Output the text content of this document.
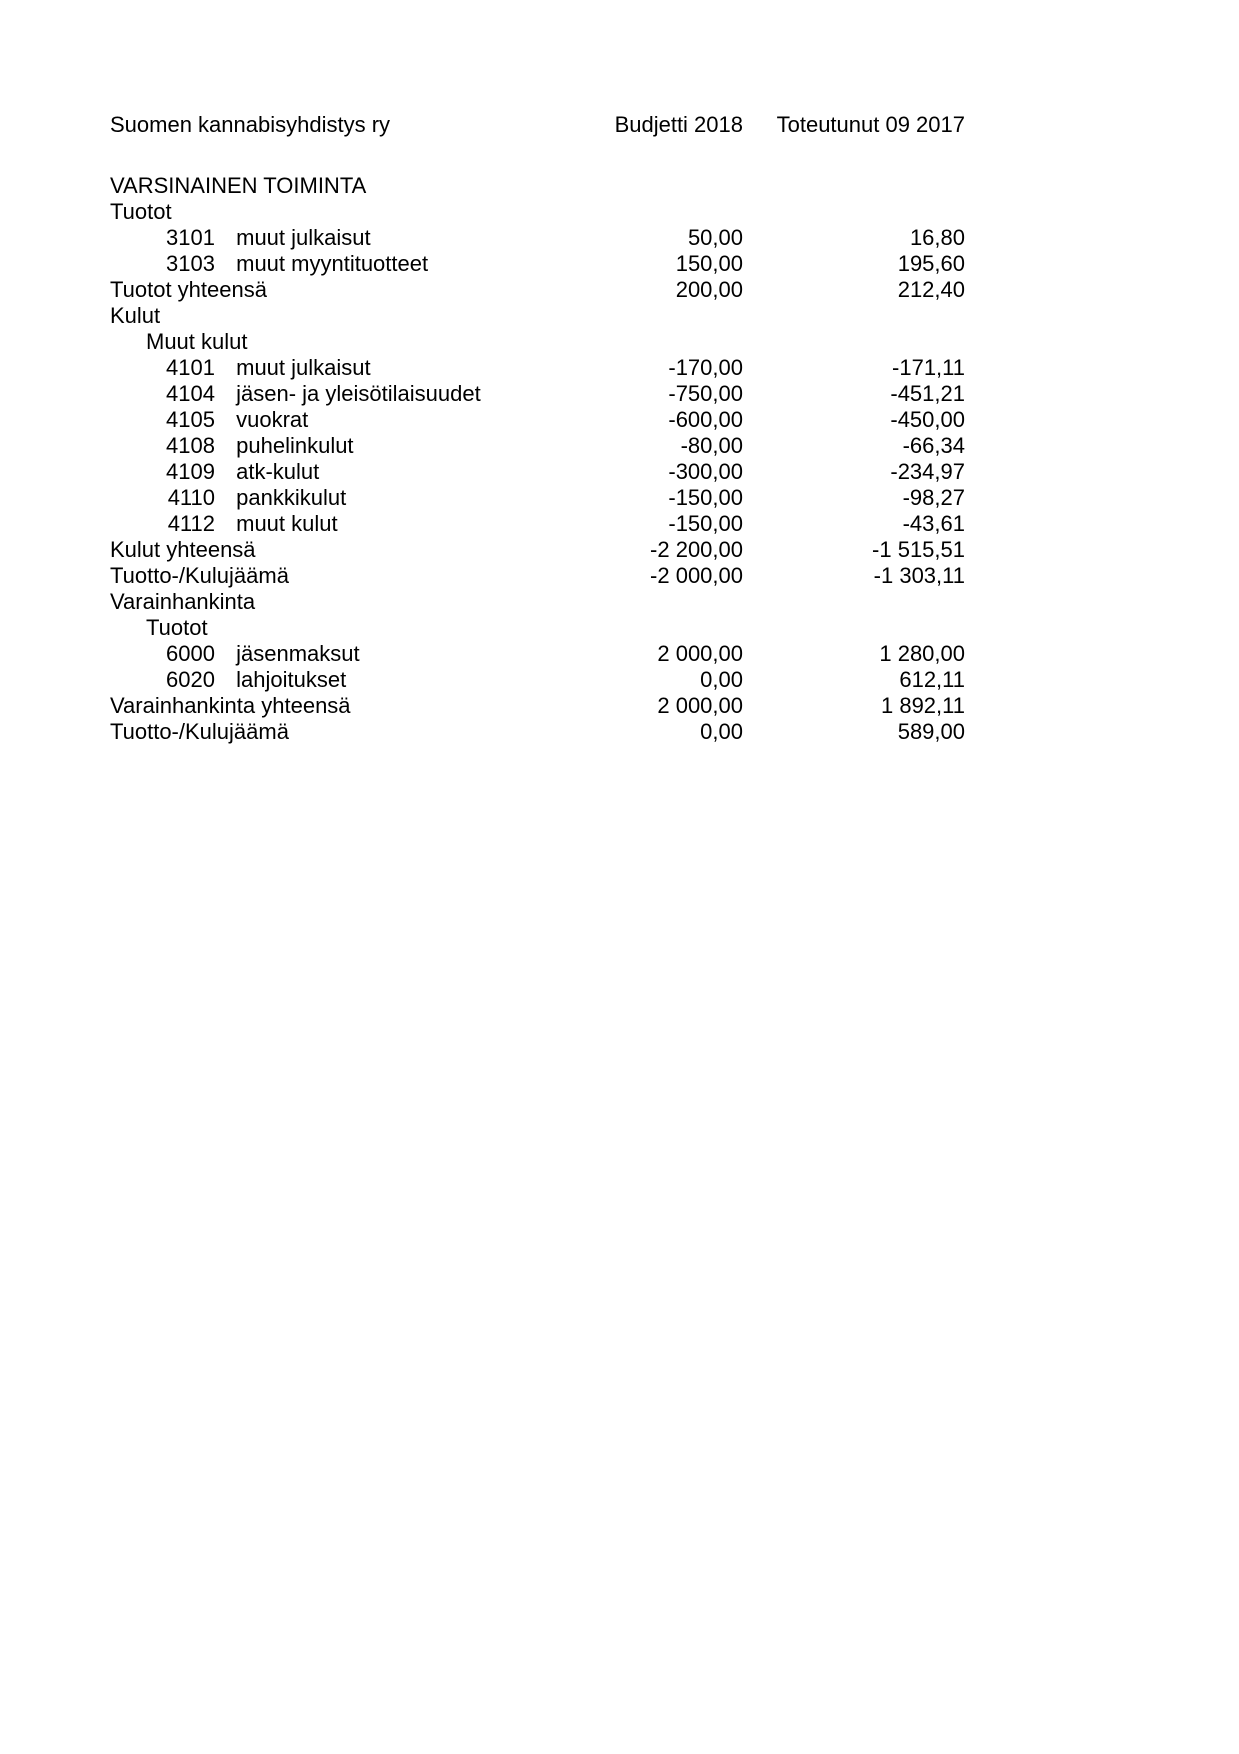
Suomen kannabisyhdistys ry	Budjetti 2018	Toteutunut 09 2017
VARSINAINEN TOIMINTA
Tuotot
3101 muut julkaisut	50,00	16,80
3103 muut myyntituotteet	150,00	195,60
Tuotot yhteensä	200,00	212,40
Kulut
Muut kulut
4101 muut julkaisut	-170,00	-171,11
4104 jäsen- ja yleisötilaisuudet	-750,00	-451,21
4105 vuokrat	-600,00	-450,00
4108 puhelinkulut	-80,00	-66,34
4109 atk-kulut	-300,00	-234,97
4110 pankkikulut	-150,00	-98,27
4112 muut kulut	-150,00	-43,61
Kulut yhteensä	-2 200,00	-1 515,51
Tuotto-/Kulujäämä	-2 000,00	-1 303,11
Varainhankinta
Tuotot
6000 jäsenmaksut	2 000,00	1 280,00
6020 lahjoitukset	0,00	612,11
Varainhankinta yhteensä	2 000,00	1 892,11
Tuotto-/Kulujäämä	0,00	589,00
